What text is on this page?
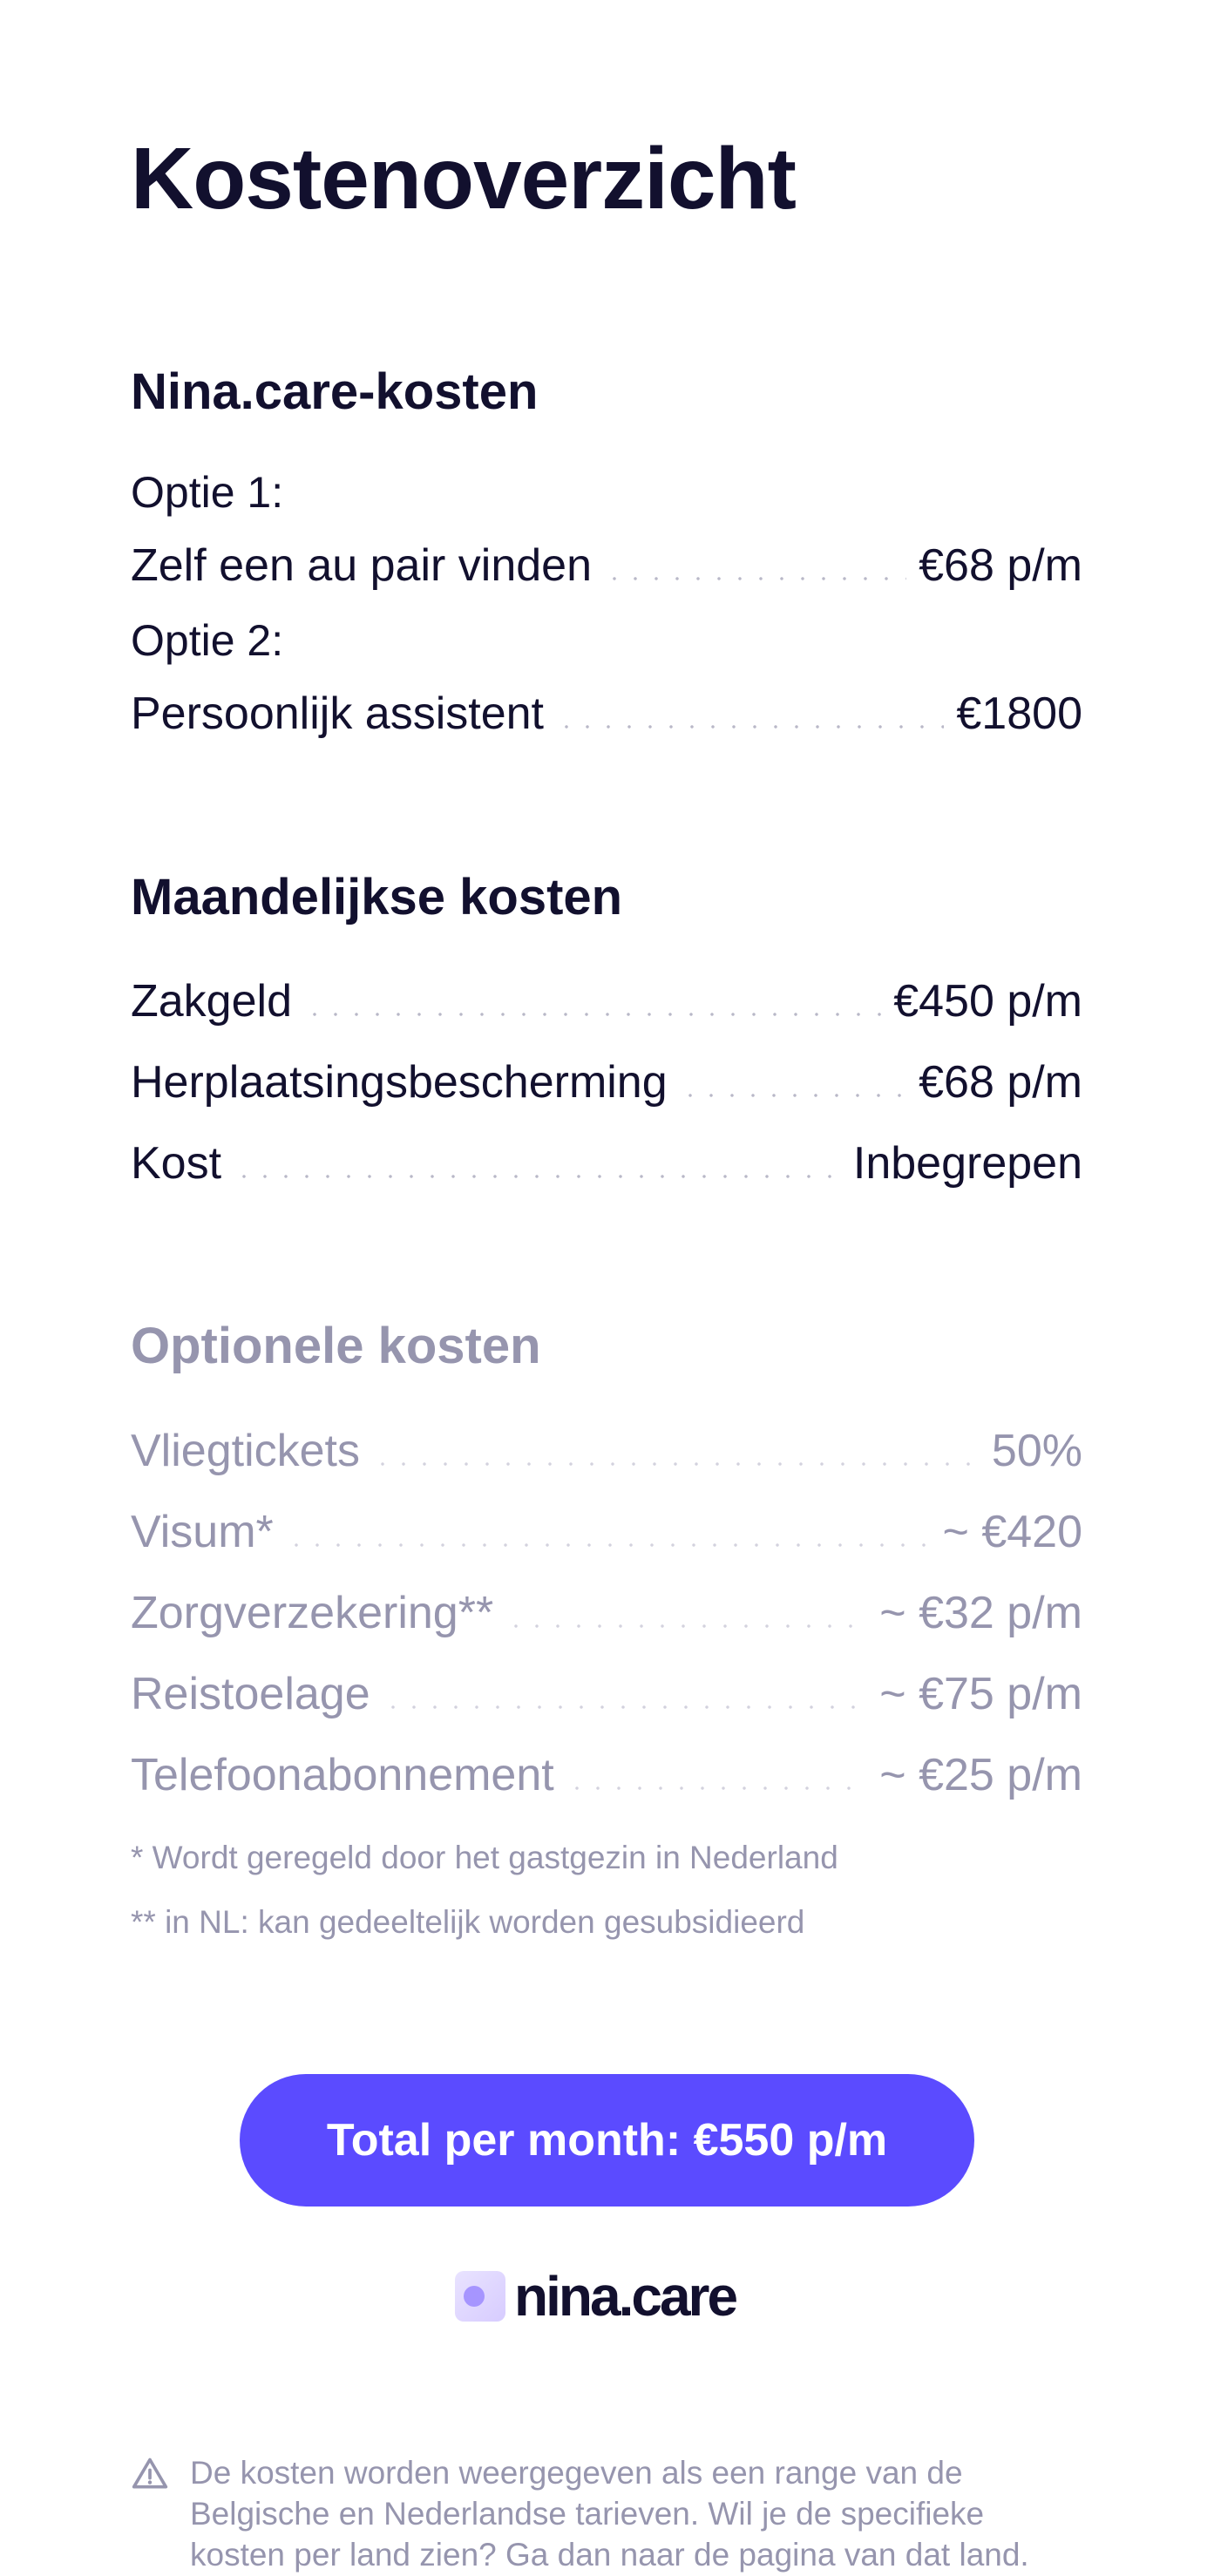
Kostenoverzicht
Nina.care-kosten
Optie 1:
Zelf een au pair vinden	€68 p/m
Optie 2:
Persoonlijk assistent	€1800
Maandelijkse kosten
Zakgeld	€450 p/m
Herplaatsingsbescherming	€68 p/m
Kost	Inbegrepen
Optionele kosten
Vliegtickets	50%
Visum*	~ €420
Zorgverzekering**	~ €32 p/m
Reistoelage	~ €75 p/m
Telefoonabonnement	~ €25 p/m
* Wordt geregeld door het gastgezin in Nederland
** in NL: kan gedeeltelijk worden gesubsidieerd
Total per month: €550 p/m
nina.care
De kosten worden weergegeven als een range van de Belgische en Nederlandse tarieven. Wil je de specifieke kosten per land zien? Ga dan naar de pagina van dat land.
